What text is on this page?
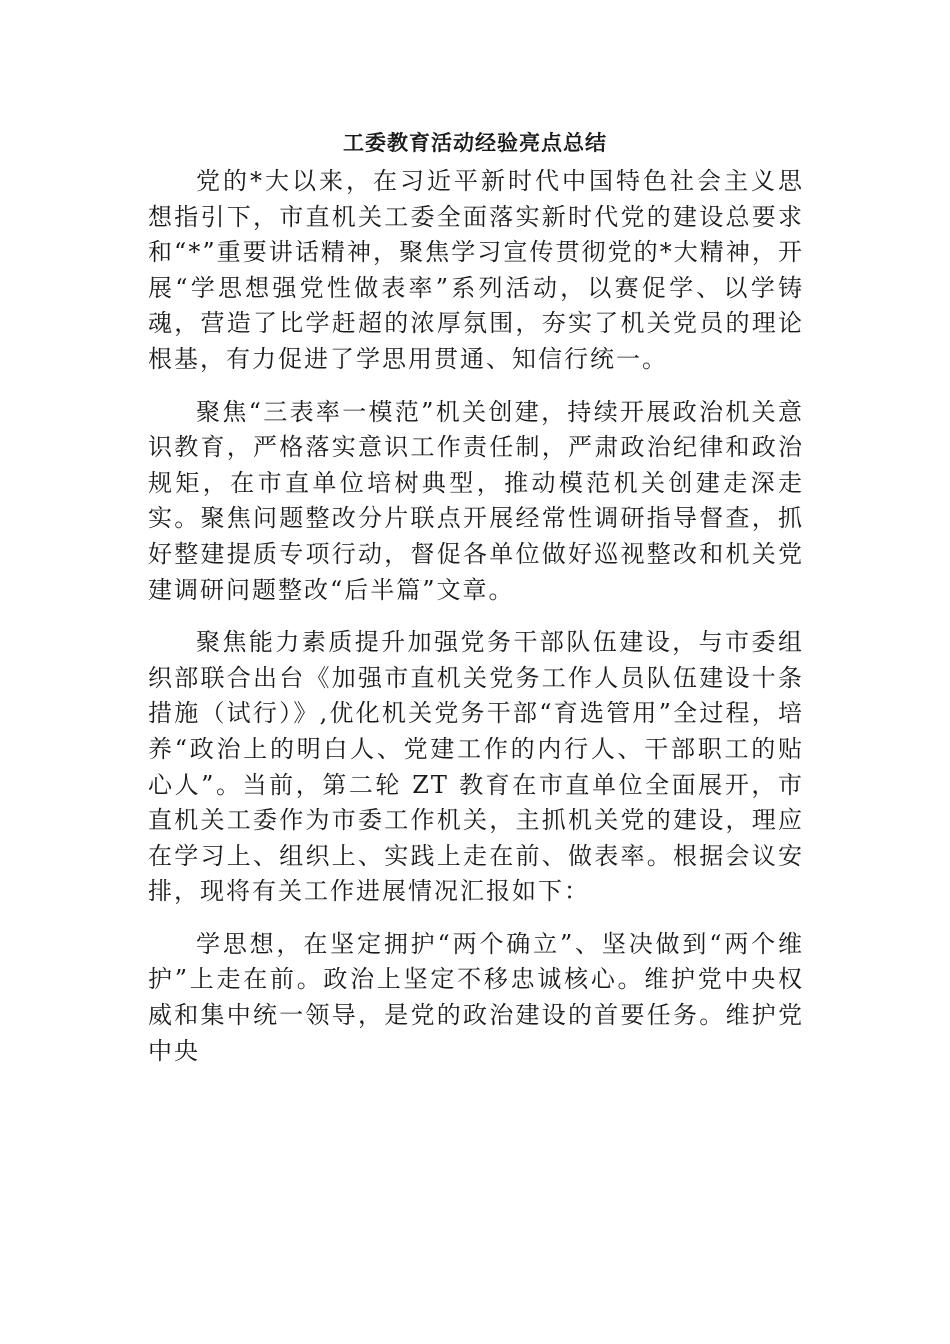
工委教育活动经验亮点总结

党的*大以来，在习近平新时代中国特色社会主义思想指引下，市直机关工委全面落实新时代党的建设总要求和“*”重要讲话精神，聚焦学习宣传贯彻党的*大精神，开展“学思想强党性做表率”系列活动，以赛促学、以学铸魂，营造了比学赶超的浓厚氛围，夯实了机关党员的理论根基，有力促进了学思用贯通、知信行统一。

聚焦“三表率一模范”机关创建，持续开展政治机关意识教育，严格落实意识工作责任制，严肃政治纪律和政治规矩，在市直单位培树典型，推动模范机关创建走深走实。聚焦问题整改分片联点开展经常性调研指导督查，抓好整建提质专项行动，督促各单位做好巡视整改和机关党建调研问题整改“后半篇”文章。

聚焦能力素质提升加强党务干部队伍建设，与市委组织部联合出台《加强市直机关党务工作人员队伍建设十条措施（试行）》,优化机关党务干部“育选管用”全过程，培养“政治上的明白人、党建工作的内行人、干部职工的贴心人”。当前，第二轮 ZT 教育在市直单位全面展开，市直机关工委作为市委工作机关，主抓机关党的建设，理应在学习上、组织上、实践上走在前、做表率。根据会议安排，现将有关工作进展情况汇报如下：

学思想，在坚定拥护“两个确立”、坚决做到“两个维护”上走在前。政治上坚定不移忠诚核心。维护党中央权威和集中统一领导，是党的政治建设的首要任务。维护党中央
